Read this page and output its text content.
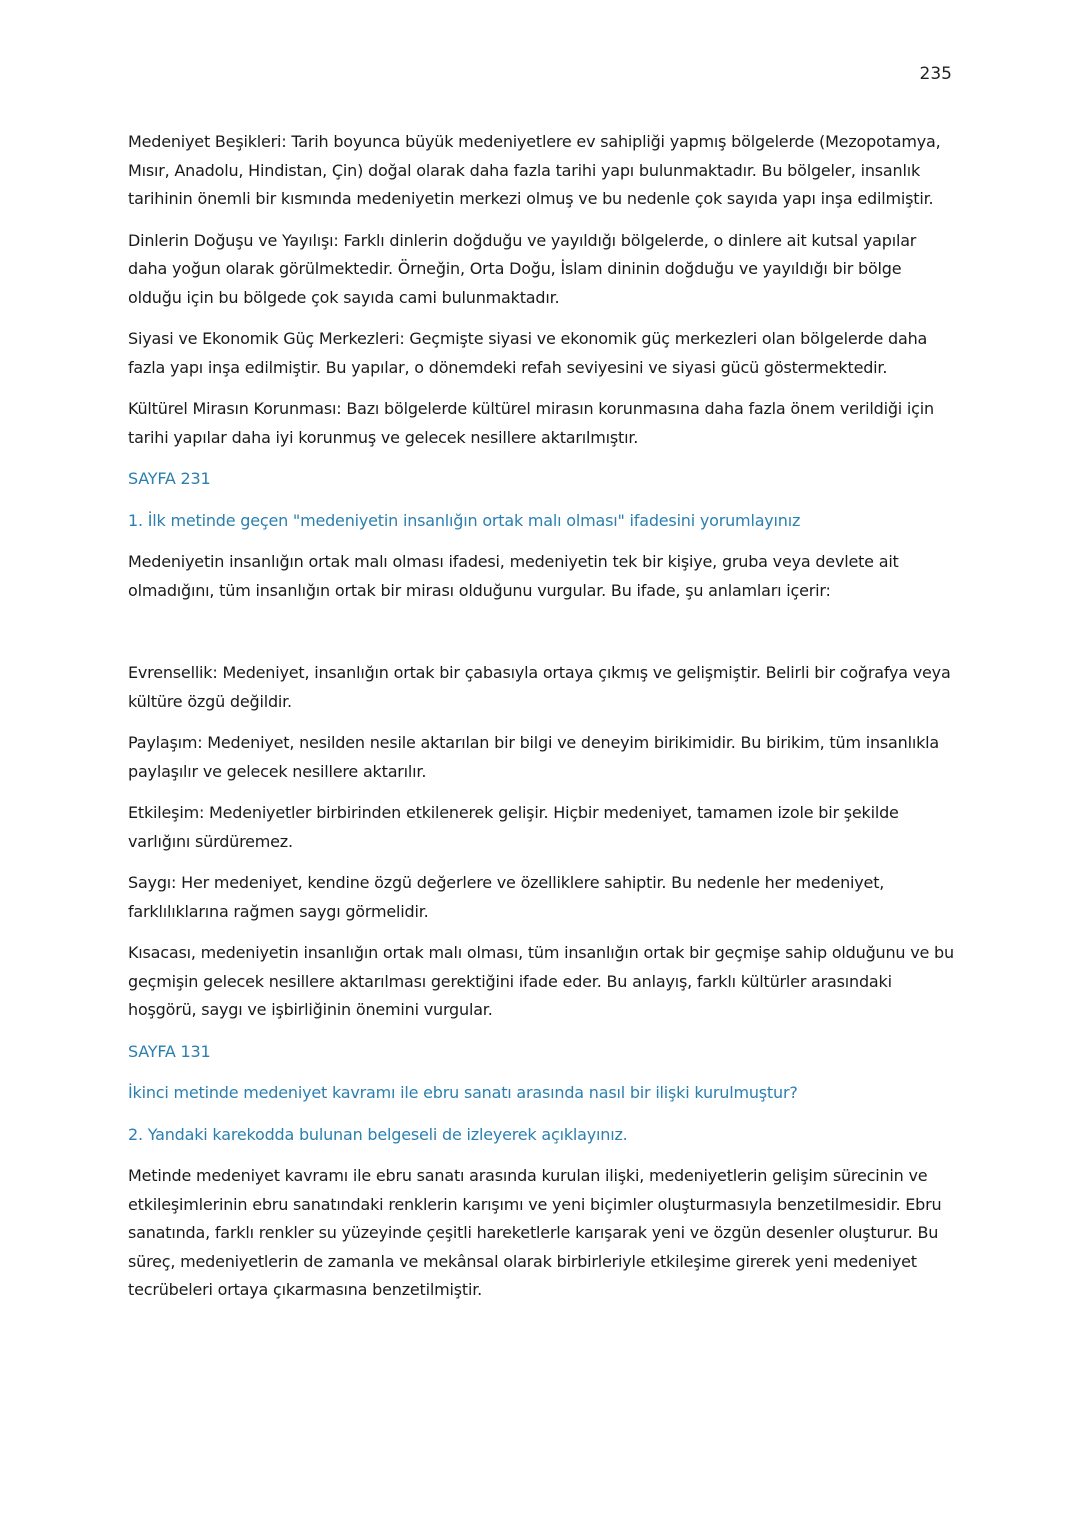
235

Medeniyet Beşikleri: Tarih boyunca büyük medeniyetlere ev sahipliği yapmış bölgelerde (Mezopotamya, Mısır, Anadolu, Hindistan, Çin) doğal olarak daha fazla tarihi yapı bulunmaktadır. Bu bölgeler, insanlık tarihinin önemli bir kısmında medeniyetin merkezi olmuş ve bu nedenle çok sayıda yapı inşa edilmiştir.

Dinlerin Doğuşu ve Yayılışı: Farklı dinlerin doğduğu ve yayıldığı bölgelerde, o dinlere ait kutsal yapılar daha yoğun olarak görülmektedir. Örneğin, Orta Doğu, İslam dininin doğduğu ve yayıldığı bir bölge olduğu için bu bölgede çok sayıda cami bulunmaktadır.

Siyasi ve Ekonomik Güç Merkezleri: Geçmişte siyasi ve ekonomik güç merkezleri olan bölgelerde daha fazla yapı inşa edilmiştir. Bu yapılar, o dönemdeki refah seviyesini ve siyasi gücü göstermektedir.

Kültürel Mirasın Korunması: Bazı bölgelerde kültürel mirasın korunmasına daha fazla önem verildiği için tarihi yapılar daha iyi korunmuş ve gelecek nesillere aktarılmıştır.

SAYFA 231

1. İlk metinde geçen "medeniyetin insanlığın ortak malı olması" ifadesini yorumlayınız

Medeniyetin insanlığın ortak malı olması ifadesi, medeniyetin tek bir kişiye, gruba veya devlete ait olmadığını, tüm insanlığın ortak bir mirası olduğunu vurgular. Bu ifade, şu anlamları içerir:

Evrensellik: Medeniyet, insanlığın ortak bir çabasıyla ortaya çıkmış ve gelişmiştir. Belirli bir coğrafya veya kültüre özgü değildir.

Paylaşım: Medeniyet, nesilden nesile aktarılan bir bilgi ve deneyim birikimidir. Bu birikim, tüm insanlıkla paylaşılır ve gelecek nesillere aktarılır.

Etkileşim: Medeniyetler birbirinden etkilenerek gelişir. Hiçbir medeniyet, tamamen izole bir şekilde varlığını sürdüremez.

Saygı: Her medeniyet, kendine özgü değerlere ve özelliklere sahiptir. Bu nedenle her medeniyet, farklılıklarına rağmen saygı görmelidir.

Kısacası, medeniyetin insanlığın ortak malı olması, tüm insanlığın ortak bir geçmişe sahip olduğunu ve bu geçmişin gelecek nesillere aktarılması gerektiğini ifade eder. Bu anlayış, farklı kültürler arasındaki hoşgörü, saygı ve işbirliğinin önemini vurgular.

SAYFA 131

İkinci metinde medeniyet kavramı ile ebru sanatı arasında nasıl bir ilişki kurulmuştur?

2. Yandaki karekodda bulunan belgeseli de izleyerek açıklayınız.

Metinde medeniyet kavramı ile ebru sanatı arasında kurulan ilişki, medeniyetlerin gelişim sürecinin ve etkileşimlerinin ebru sanatındaki renklerin karışımı ve yeni biçimler oluşturmasıyla benzetilmesidir. Ebru sanatında, farklı renkler su yüzeyinde çeşitli hareketlerle karışarak yeni ve özgün desenler oluşturur. Bu süreç, medeniyetlerin de zamanla ve mekânsal olarak birbirleriyle etkileşime girerek yeni medeniyet tecrübeleri ortaya çıkarmasına benzetilmiştir.
